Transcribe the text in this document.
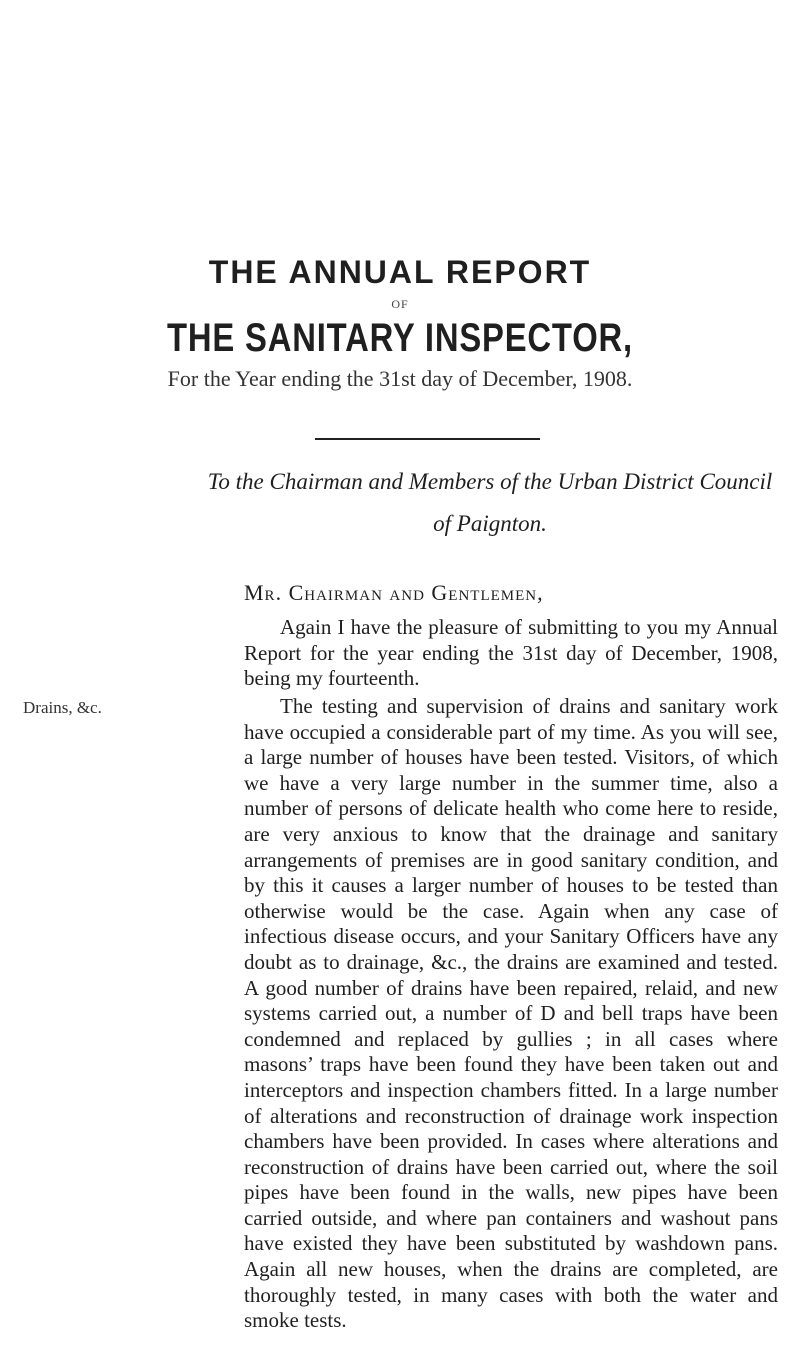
THE ANNUAL REPORT
OF
THE SANITARY INSPECTOR,
For the Year ending the 31st day of December, 1908.
To the Chairman and Members of the Urban District Council
of Paignton.
Mr. Chairman and Gentlemen,

Again I have the pleasure of submitting to you my Annual Report for the year ending the 31st day of December, 1908, being my fourteenth.

Drains, &c.	The testing and supervision of drains and sanitary work have occupied a considerable part of my time. As you will see, a large number of houses have been tested. Visitors, of which we have a very large number in the summer time, also a number of persons of delicate health who come here to reside, are very anxious to know that the drainage and sanitary arrangements of premises are in good sanitary condition, and by this it causes a larger number of houses to be tested than otherwise would be the case. Again when any case of infectious disease occurs, and your Sanitary Officers have any doubt as to drainage, &c., the drains are examined and tested. A good number of drains have been repaired, relaid, and new systems carried out, a number of D and bell traps have been condemned and replaced by gullies ; in all cases where masons’ traps have been found they have been taken out and interceptors and inspection chambers fitted. In a large number of alterations and reconstruction of drainage work inspection chambers have been provided. In cases where alterations and reconstruction of drains have been carried out, where the soil pipes have been found in the walls, new pipes have been carried outside, and where pan containers and washout pans have existed they have been substituted by washdown pans. Again all new houses, when the drains are completed, are thoroughly tested, in many cases with both the water and smoke tests.
